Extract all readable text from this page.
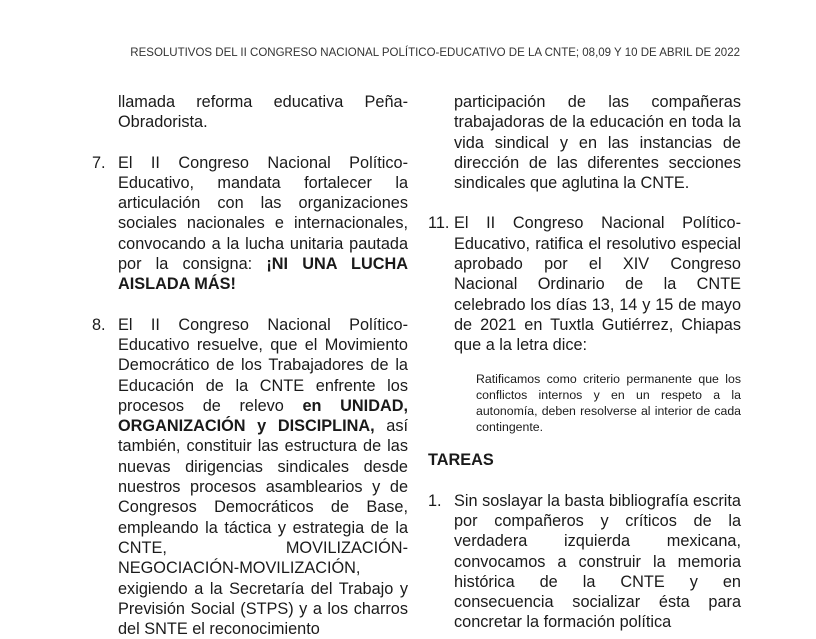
RESOLUTIVOS DEL II CONGRESO NACIONAL POLÍTICO-EDUCATIVO DE LA CNTE; 08,09 Y 10 DE ABRIL DE 2022

llamada reforma educativa Peña-Obradorista.

7. El II Congreso Nacional Político-Educativo, mandata fortalecer la articulación con las organizaciones sociales nacionales e internacionales, convocando a la lucha unitaria pautada por la consigna: ¡NI UNA LUCHA AISLADA MÁS!

8. El II Congreso Nacional Político-Educativo resuelve, que el Movimiento Democrático de los Trabajadores de la Educación de la CNTE enfrente los procesos de relevo en UNIDAD, ORGANIZACIÓN y DISCIPLINA, así también, constituir las estructura de las nuevas dirigencias sindicales desde nuestros procesos asamblearios y de Congresos Democráticos de Base, empleando la táctica y estrategia de la CNTE, MOVILIZACIÓN-NEGOCIACIÓN-MOVILIZACIÓN, exigiendo a la Secretaría del Trabajo y Previsión Social (STPS) y a los charros del SNTE el reconocimiento

participación de las compañeras trabajadoras de la educación en toda la vida sindical y en las instancias de dirección de las diferentes secciones sindicales que aglutina la CNTE.

11. El II Congreso Nacional Político-Educativo, ratifica el resolutivo especial aprobado por el XIV Congreso Nacional Ordinario de la CNTE celebrado los días 13, 14 y 15 de mayo de 2021 en Tuxtla Gutiérrez, Chiapas que a la letra dice:

Ratificamos como criterio permanente que los conflictos internos y en un respeto a la autonomía, deben resolverse al interior de cada contingente.

TAREAS

1. Sin soslayar la basta bibliografía escrita por compañeros y críticos de la verdadera izquierda mexicana, convocamos a construir la memoria histórica de la CNTE y en consecuencia socializar ésta para concretar la formación política
